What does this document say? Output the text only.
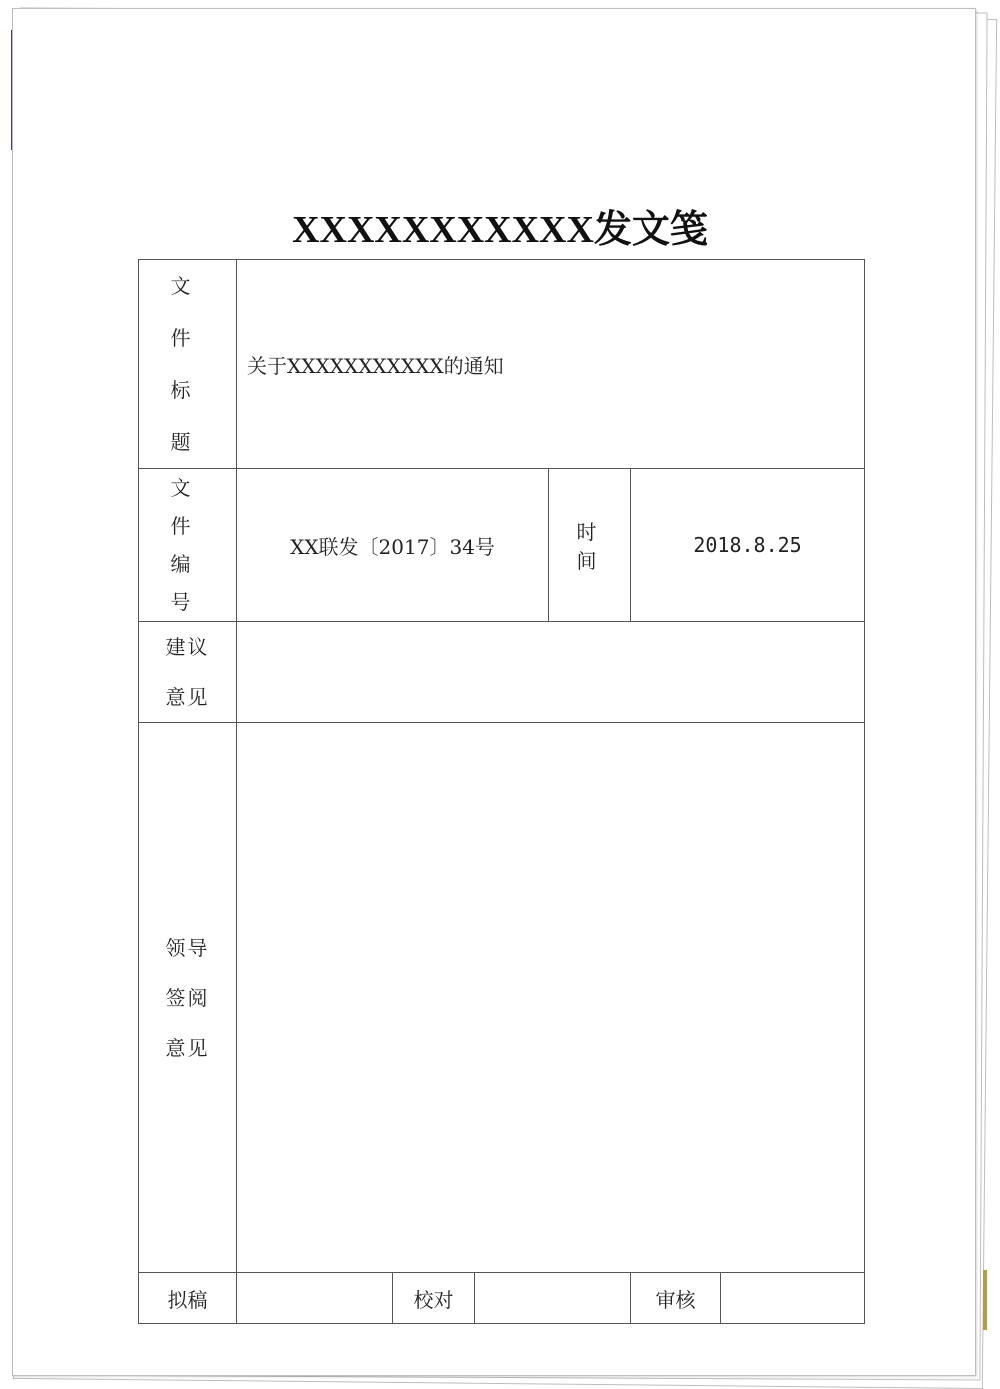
XXXXXXXXXXX发文笺
文件
标题	关于XXXXXXXXXXX的通知					

文件
编号	XX联发〔2017〕34号			时间	2018.8.25	

建议
意见						

领导
签阅
意见						

拟稿		校对			审核	
